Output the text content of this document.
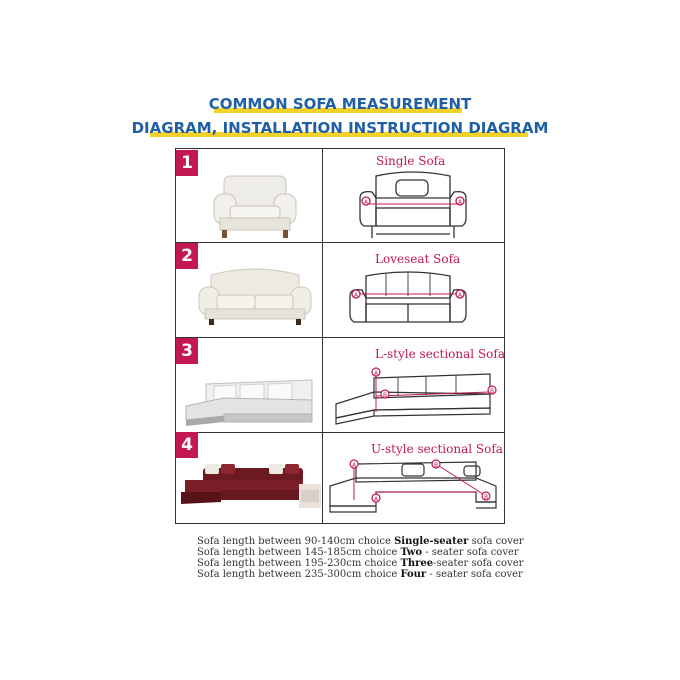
COMMON SOFA MEASUREMENT
DIAGRAM, INSTALLATION INSTRUCTION DIAGRAM
1
2
3
4
Single Sofa
Loveseat Sofa
L-style sectional Sofa
U-style sectional Sofa
A	A
A	A
A
B
B
A
A
B
B
Sofa length between 90-140cm choice Single-seater sofa cover
Sofa length between 145-185cm choice Two - seater sofa cover
Sofa length between 195-230cm choice Three-seater sofa cover
Sofa length between 235-300cm choice Four - seater sofa cover
